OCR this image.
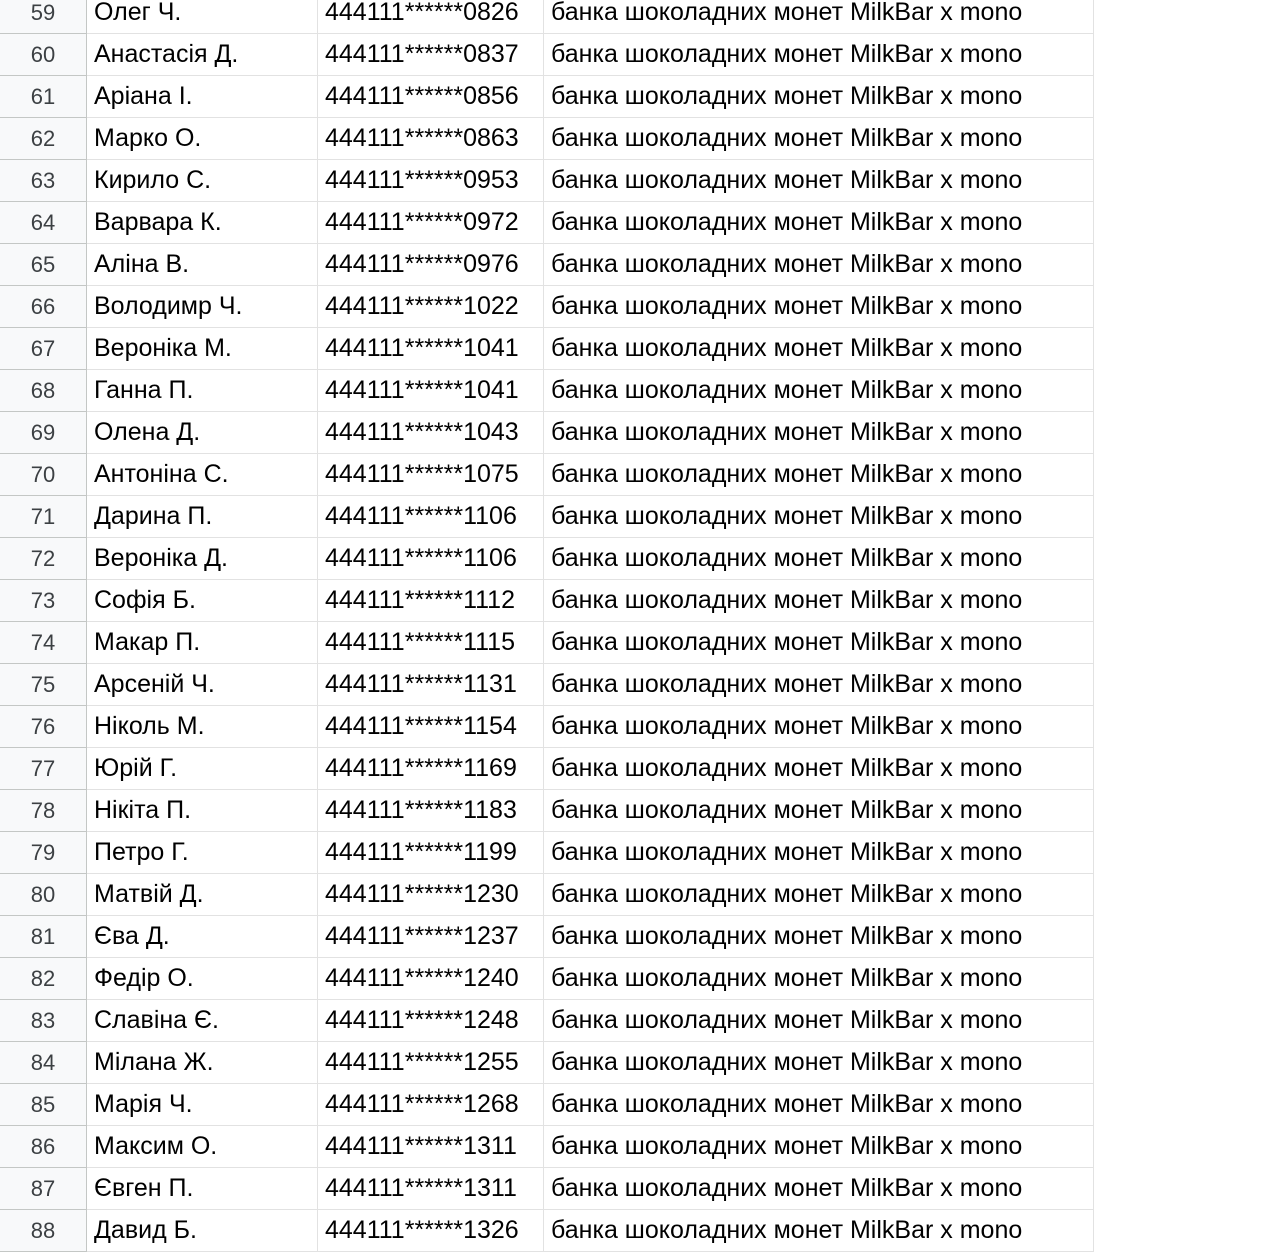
59	Олег Ч.	444111******0826	банка шоколадних монет MilkBar x mono
60	Анастасія Д.	444111******0837	банка шоколадних монет MilkBar x mono
61	Аріана І.	444111******0856	банка шоколадних монет MilkBar x mono
62	Марко О.	444111******0863	банка шоколадних монет MilkBar x mono
63	Кирило С.	444111******0953	банка шоколадних монет MilkBar x mono
64	Варвара К.	444111******0972	банка шоколадних монет MilkBar x mono
65	Аліна В.	444111******0976	банка шоколадних монет MilkBar x mono
66	Володимр Ч.	444111******1022	банка шоколадних монет MilkBar x mono
67	Вероніка М.	444111******1041	банка шоколадних монет MilkBar x mono
68	Ганна П.	444111******1041	банка шоколадних монет MilkBar x mono
69	Олена Д.	444111******1043	банка шоколадних монет MilkBar x mono
70	Антоніна С.	444111******1075	банка шоколадних монет MilkBar x mono
71	Дарина П.	444111******1106	банка шоколадних монет MilkBar x mono
72	Вероніка Д.	444111******1106	банка шоколадних монет MilkBar x mono
73	Софія Б.	444111******1112	банка шоколадних монет MilkBar x mono
74	Макар П.	444111******1115	банка шоколадних монет MilkBar x mono
75	Арсеній Ч.	444111******1131	банка шоколадних монет MilkBar x mono
76	Ніколь М.	444111******1154	банка шоколадних монет MilkBar x mono
77	Юрій Г.	444111******1169	банка шоколадних монет MilkBar x mono
78	Нікіта П.	444111******1183	банка шоколадних монет MilkBar x mono
79	Петро Г.	444111******1199	банка шоколадних монет MilkBar x mono
80	Матвій Д.	444111******1230	банка шоколадних монет MilkBar x mono
81	Єва Д.	444111******1237	банка шоколадних монет MilkBar x mono
82	Федір О.	444111******1240	банка шоколадних монет MilkBar x mono
83	Славіна Є.	444111******1248	банка шоколадних монет MilkBar x mono
84	Мілана Ж.	444111******1255	банка шоколадних монет MilkBar x mono
85	Марія Ч.	444111******1268	банка шоколадних монет MilkBar x mono
86	Максим О.	444111******1311	банка шоколадних монет MilkBar x mono
87	Євген П.	444111******1311	банка шоколадних монет MilkBar x mono
88	Давид Б.	444111******1326	банка шоколадних монет MilkBar x mono
